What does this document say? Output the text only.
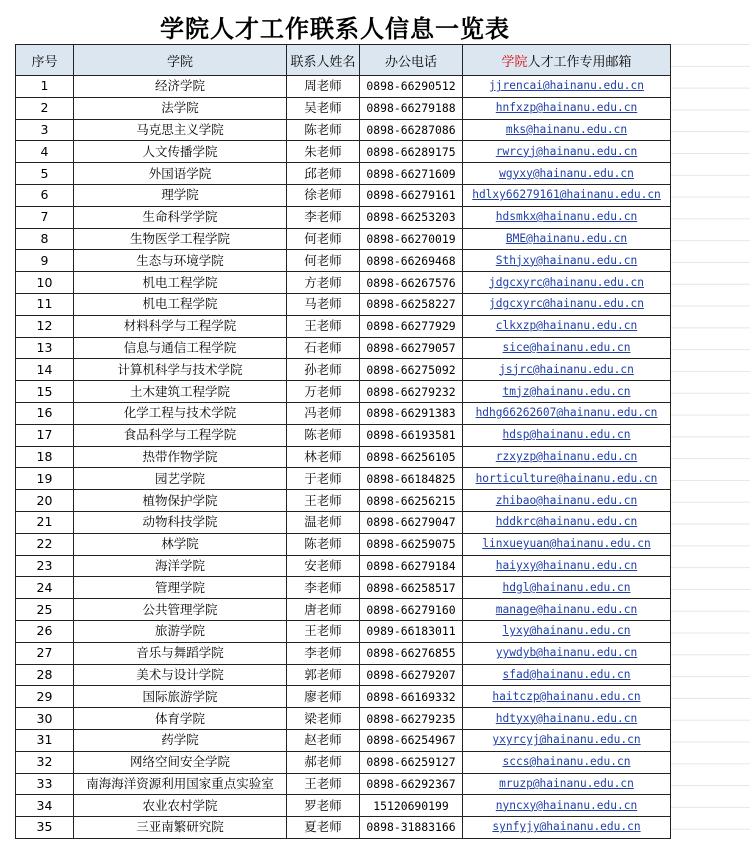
学院人才工作联系人信息一览表
序号	学院	联系人姓名	办公电话	学院人才工作专用邮箱
1	经济学院	周老师	0898-66290512	jjrencai@hainanu.edu.cn
2	法学院	吴老师	0898-66279188	hnfxzp@hainanu.edu.cn
3	马克思主义学院	陈老师	0898-66287086	mks@hainanu.edu.cn
4	人文传播学院	朱老师	0898-66289175	rwrcyj@hainanu.edu.cn
5	外国语学院	邱老师	0898-66271609	wgyxy@hainanu.edu.cn
6	理学院	徐老师	0898-66279161	hdlxy66279161@hainanu.edu.cn
7	生命科学学院	李老师	0898-66253203	hdsmkx@hainanu.edu.cn
8	生物医学工程学院	何老师	0898-66270019	BME@hainanu.edu.cn
9	生态与环境学院	何老师	0898-66269468	Sthjxy@hainanu.edu.cn
10	机电工程学院	方老师	0898-66267576	jdgcxyrc@hainanu.edu.cn
11	机电工程学院	马老师	0898-66258227	jdgcxyrc@hainanu.edu.cn
12	材料科学与工程学院	王老师	0898-66277929	clkxzp@hainanu.edu.cn
13	信息与通信工程学院	石老师	0898-66279057	sice@hainanu.edu.cn
14	计算机科学与技术学院	孙老师	0898-66275092	jsjrc@hainanu.edu.cn
15	土木建筑工程学院	万老师	0898-66279232	tmjz@hainanu.edu.cn
16	化学工程与技术学院	冯老师	0898-66291383	hdhg66262607@hainanu.edu.cn
17	食品科学与工程学院	陈老师	0898-66193581	hdsp@hainanu.edu.cn
18	热带作物学院	林老师	0898-66256105	rzxyzp@hainanu.edu.cn
19	园艺学院	于老师	0898-66184825	horticulture@hainanu.edu.cn
20	植物保护学院	王老师	0898-66256215	zhibao@hainanu.edu.cn
21	动物科技学院	温老师	0898-66279047	hddkrc@hainanu.edu.cn
22	林学院	陈老师	0898-66259075	linxueyuan@hainanu.edu.cn
23	海洋学院	安老师	0898-66279184	haiyxy@hainanu.edu.cn
24	管理学院	李老师	0898-66258517	hdgl@hainanu.edu.cn
25	公共管理学院	唐老师	0898-66279160	manage@hainanu.edu.cn
26	旅游学院	王老师	0989-66183011	lyxy@hainanu.edu.cn
27	音乐与舞蹈学院	李老师	0898-66276855	yywdyb@hainanu.edu.cn
28	美术与设计学院	郭老师	0898-66279207	sfad@hainanu.edu.cn
29	国际旅游学院	廖老师	0898-66169332	haitczp@hainanu.edu.cn
30	体育学院	梁老师	0898-66279235	hdtyxy@hainanu.edu.cn
31	药学院	赵老师	0898-66254967	yxyrcyj@hainanu.edu.cn
32	网络空间安全学院	郝老师	0898-66259127	sccs@hainanu.edu.cn
33	南海海洋资源利用国家重点实验室	王老师	0898-66292367	mruzp@hainanu.edu.cn
34	农业农村学院	罗老师	15120690199	nyncxy@hainanu.edu.cn
35	三亚南繁研究院	夏老师	0898-31883166	synfyjy@hainanu.edu.cn
